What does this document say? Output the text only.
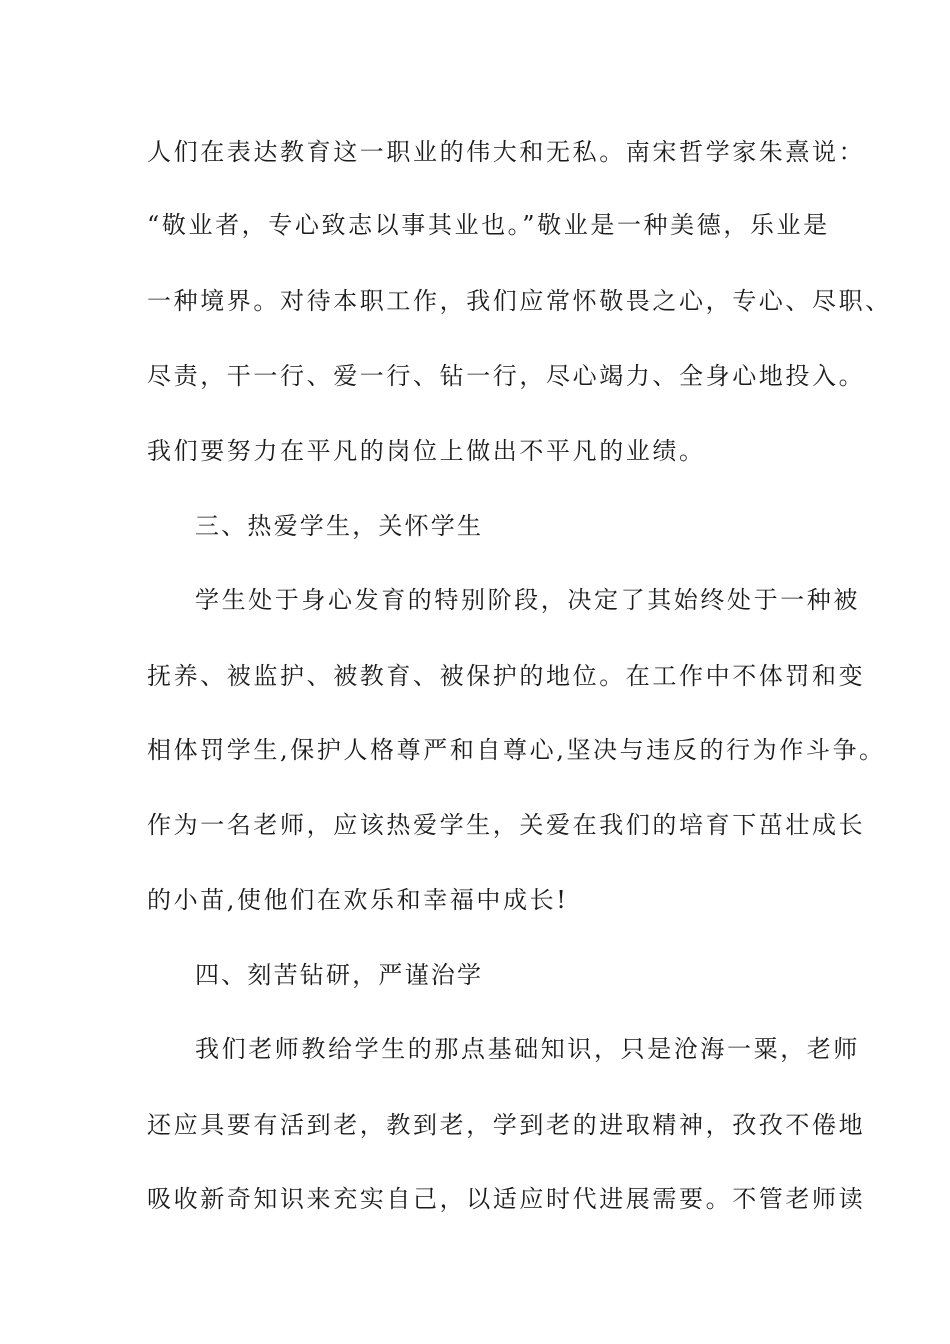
人们在表达教育这一职业的伟大和无私。南宋哲学家朱熹说：
“敬业者，专心致志以事其业也。”敬业是一种美德，乐业是
一种境界。对待本职工作，我们应常怀敬畏之心，专心、尽职、
尽责，干一行、爱一行、钻一行，尽心竭力、全身心地投入。
我们要努力在平凡的岗位上做出不平凡的业绩。
三、热爱学生，关怀学生
学生处于身心发育的特别阶段，决定了其始终处于一种被
抚养、被监护、被教育、被保护的地位。在工作中不体罚和变
相体罚学生,保护人格尊严和自尊心,坚决与违反的行为作斗争。
作为一名老师，应该热爱学生，关爱在我们的培育下茁壮成长
的小苗,使他们在欢乐和幸福中成长!
四、刻苦钻研，严谨治学
我们老师教给学生的那点基础知识，只是沧海一粟，老师
还应具要有活到老，教到老，学到老的进取精神，孜孜不倦地
吸收新奇知识来充实自己，以适应时代进展需要。不管老师读
